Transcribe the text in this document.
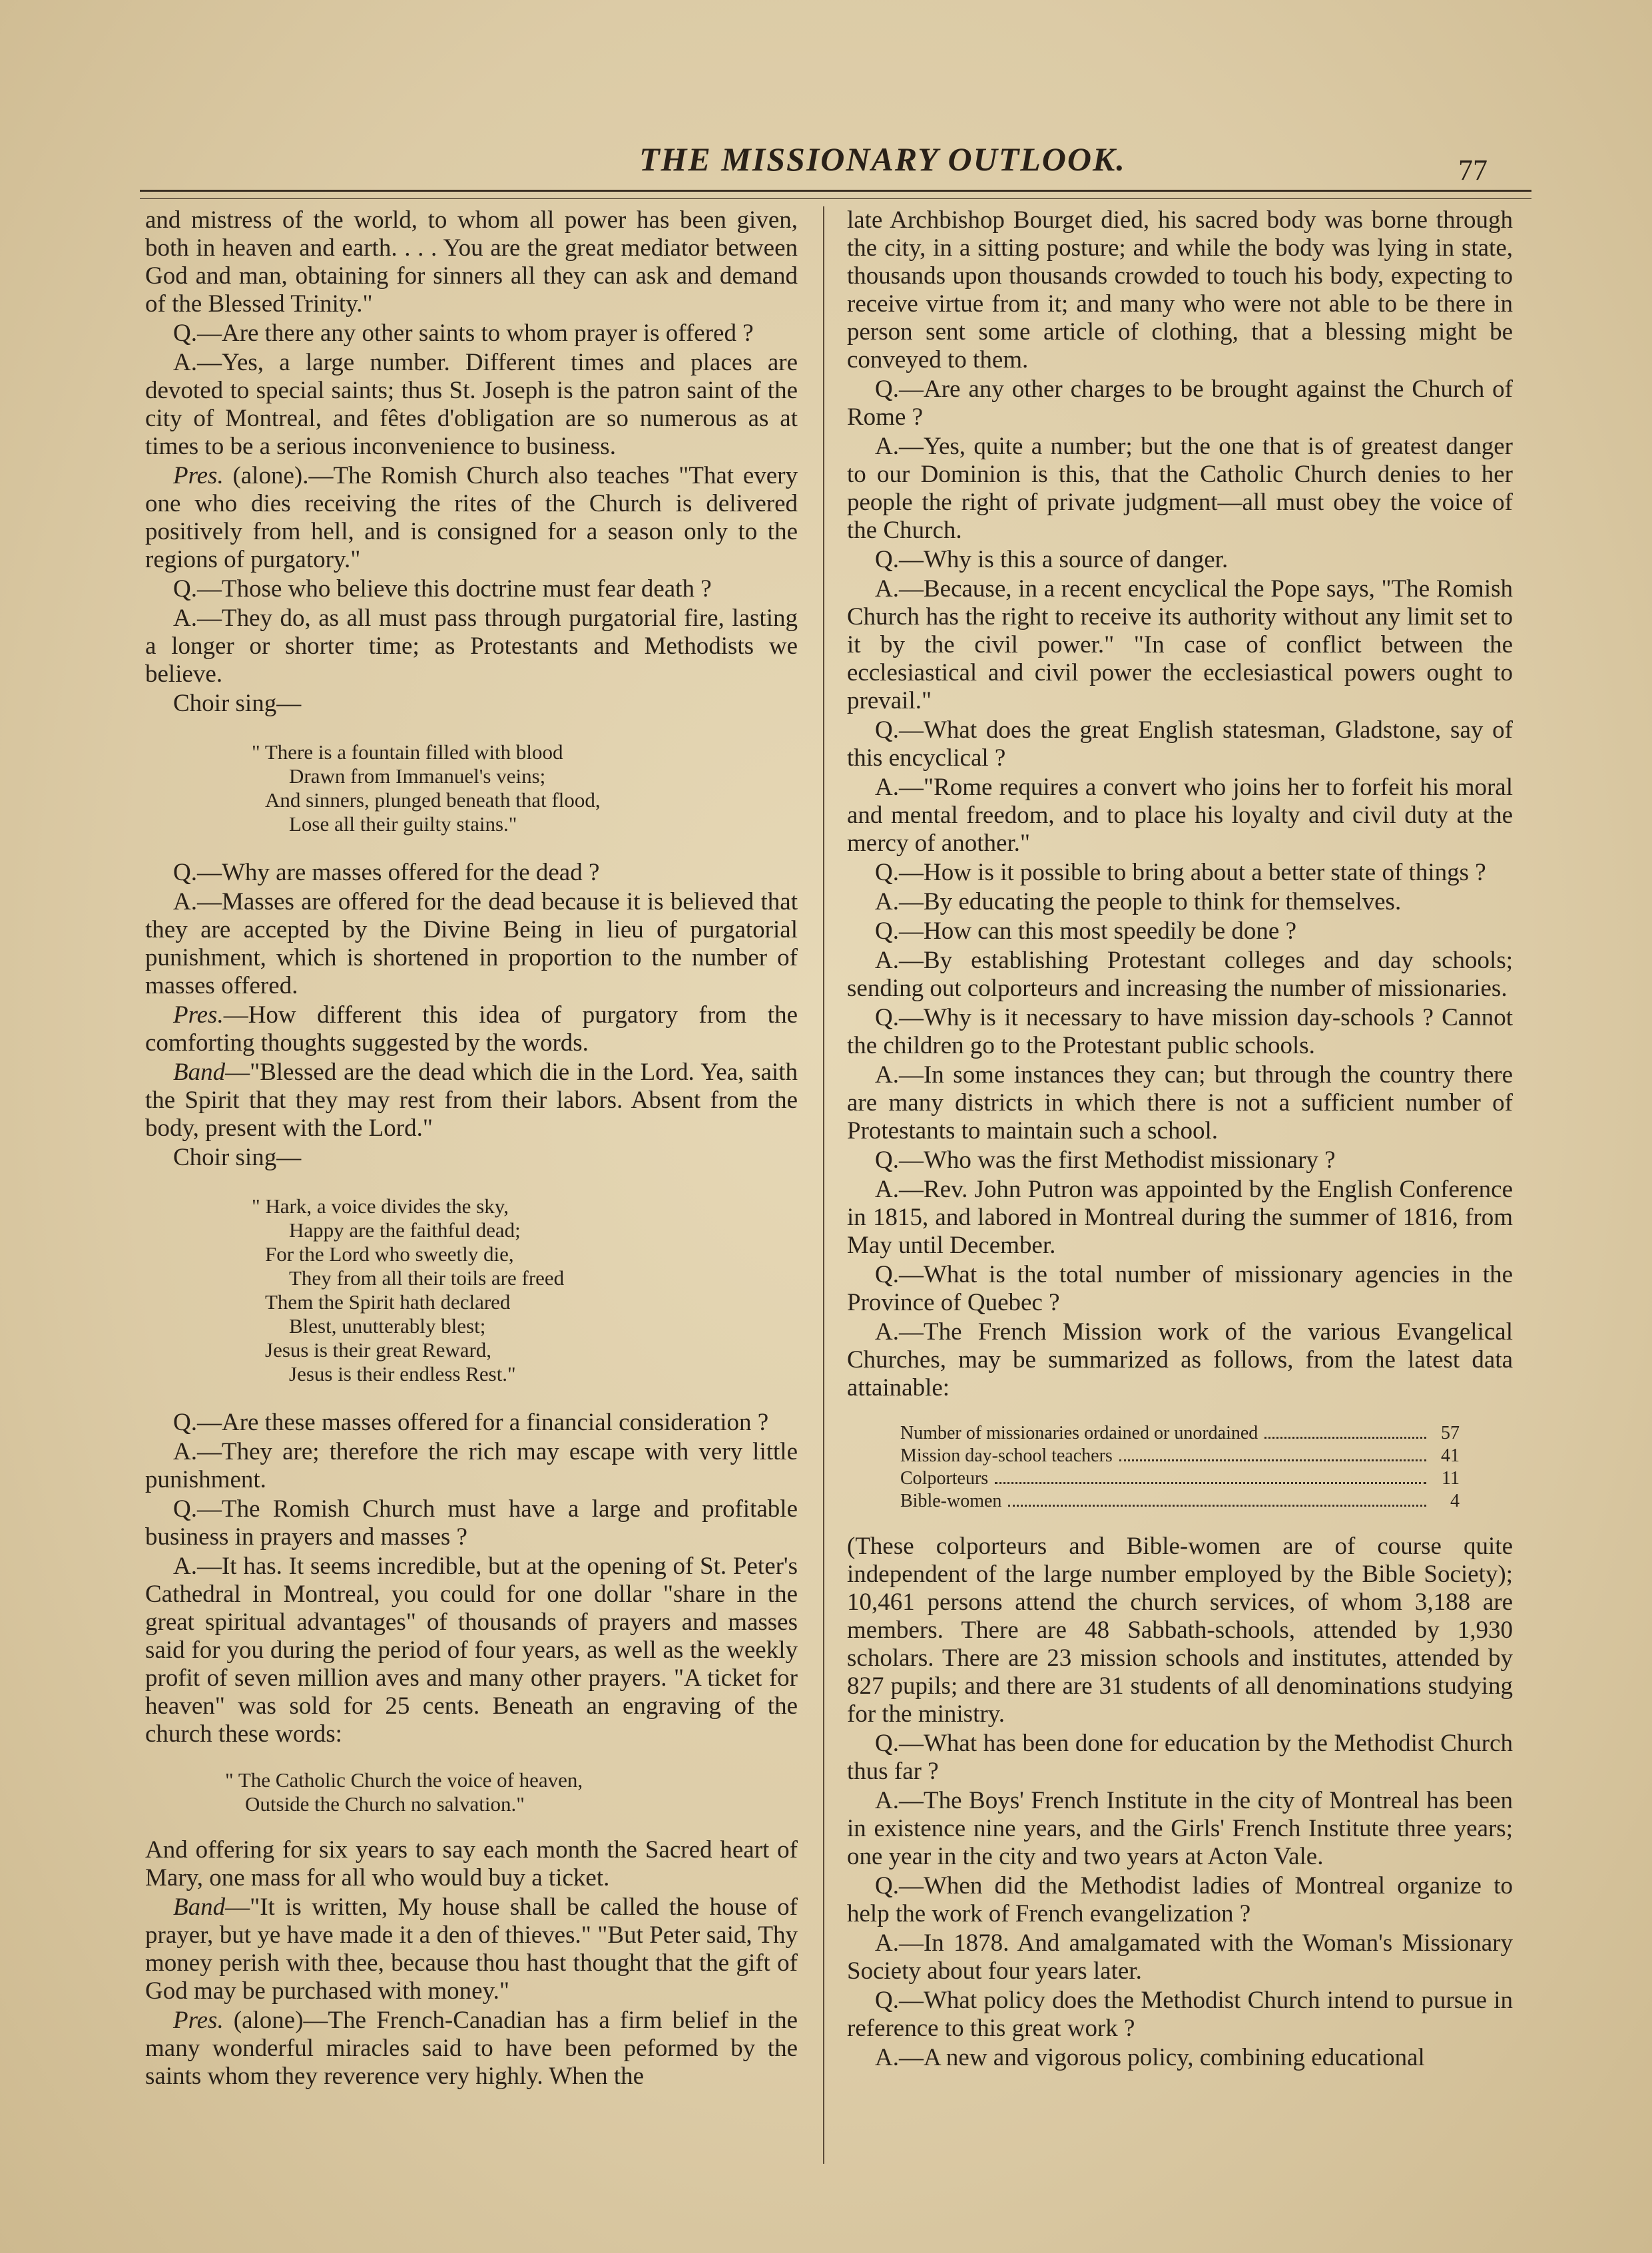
THE MISSIONARY OUTLOOK.	77

and mistress of the world, to whom all power has been given, both in heaven and earth. . . . You are the great mediator between God and man, obtaining for sinners all they can ask and demand of the Blessed Trinity."

Q.—Are there any other saints to whom prayer is offered ?

A.—Yes, a large number. Different times and places are devoted to special saints; thus St. Joseph is the patron saint of the city of Montreal, and fêtes d'obligation are so numerous as at times to be a serious inconvenience to business.

Pres. (alone).—The Romish Church also teaches "That every one who dies receiving the rites of the Church is delivered positively from hell, and is consigned for a season only to the regions of purgatory."

Q.—Those who believe this doctrine must fear death ?

A.—They do, as all must pass through purgatorial fire, lasting a longer or shorter time; as Protestants and Methodists we believe.

Choir sing—

" There is a fountain filled with blood
Drawn from Immanuel's veins;
And sinners, plunged beneath that flood,
Lose all their guilty stains."

Q.—Why are masses offered for the dead ?

A.—Masses are offered for the dead because it is believed that they are accepted by the Divine Being in lieu of purgatorial punishment, which is shortened in proportion to the number of masses offered.

Pres.—How different this idea of purgatory from the comforting thoughts suggested by the words.

Band—"Blessed are the dead which die in the Lord. Yea, saith the Spirit that they may rest from their labors. Absent from the body, present with the Lord."

Choir sing—

" Hark, a voice divides the sky,
Happy are the faithful dead;
For the Lord who sweetly die,
They from all their toils are freed
Them the Spirit hath declared
Blest, unutterably blest;
Jesus is their great Reward,
Jesus is their endless Rest."

Q.—Are these masses offered for a financial consideration ?

A.—They are; therefore the rich may escape with very little punishment.

Q.—The Romish Church must have a large and profitable business in prayers and masses ?

A.—It has. It seems incredible, but at the opening of St. Peter's Cathedral in Montreal, you could for one dollar "share in the great spiritual advantages" of thousands of prayers and masses said for you during the period of four years, as well as the weekly profit of seven million aves and many other prayers. "A ticket for heaven" was sold for 25 cents. Beneath an engraving of the church these words:

" The Catholic Church the voice of heaven,
Outside the Church no salvation."

And offering for six years to say each month the Sacred heart of Mary, one mass for all who would buy a ticket.

Band—"It is written, My house shall be called the house of prayer, but ye have made it a den of thieves." "But Peter said, Thy money perish with thee, because thou hast thought that the gift of God may be purchased with money."

Pres. (alone)—The French-Canadian has a firm belief in the many wonderful miracles said to have been peformed by the saints whom they reverence very highly. When the

late Archbishop Bourget died, his sacred body was borne through the city, in a sitting posture; and while the body was lying in state, thousands upon thousands crowded to touch his body, expecting to receive virtue from it; and many who were not able to be there in person sent some article of clothing, that a blessing might be conveyed to them.

Q.—Are any other charges to be brought against the Church of Rome ?

A.—Yes, quite a number; but the one that is of greatest danger to our Dominion is this, that the Catholic Church denies to her people the right of private judgment—all must obey the voice of the Church.

Q.—Why is this a source of danger.

A.—Because, in a recent encyclical the Pope says, "The Romish Church has the right to receive its authority without any limit set to it by the civil power." "In case of conflict between the ecclesiastical and civil power the ecclesiastical powers ought to prevail."

Q.—What does the great English statesman, Gladstone, say of this encyclical ?

A.—"Rome requires a convert who joins her to forfeit his moral and mental freedom, and to place his loyalty and civil duty at the mercy of another."

Q.—How is it possible to bring about a better state of things ?

A.—By educating the people to think for themselves.

Q.—How can this most speedily be done ?

A.—By establishing Protestant colleges and day schools; sending out colporteurs and increasing the number of missionaries.

Q.—Why is it necessary to have mission day-schools ? Cannot the children go to the Protestant public schools.

A.—In some instances they can; but through the country there are many districts in which there is not a sufficient number of Protestants to maintain such a school.

Q.—Who was the first Methodist missionary ?

A.—Rev. John Putron was appointed by the English Conference in 1815, and labored in Montreal during the summer of 1816, from May until December.

Q.—What is the total number of missionary agencies in the Province of Quebec ?

A.—The French Mission work of the various Evangelical Churches, may be summarized as follows, from the latest data attainable:

Number of missionaries ordained or unordained	57
Mission day-school teachers	41
Colporteurs	11
Bible-women	4

(These colporteurs and Bible-women are of course quite independent of the large number employed by the Bible Society); 10,461 persons attend the church services, of whom 3,188 are members. There are 48 Sabbath-schools, attended by 1,930 scholars. There are 23 mission schools and institutes, attended by 827 pupils; and there are 31 students of all denominations studying for the ministry.

Q.—What has been done for education by the Methodist Church thus far ?

A.—The Boys' French Institute in the city of Montreal has been in existence nine years, and the Girls' French Institute three years; one year in the city and two years at Acton Vale.

Q.—When did the Methodist ladies of Montreal organize to help the work of French evangelization ?

A.—In 1878. And amalgamated with the Woman's Missionary Society about four years later.

Q.—What policy does the Methodist Church intend to pursue in reference to this great work ?

A.—A new and vigorous policy, combining educational
